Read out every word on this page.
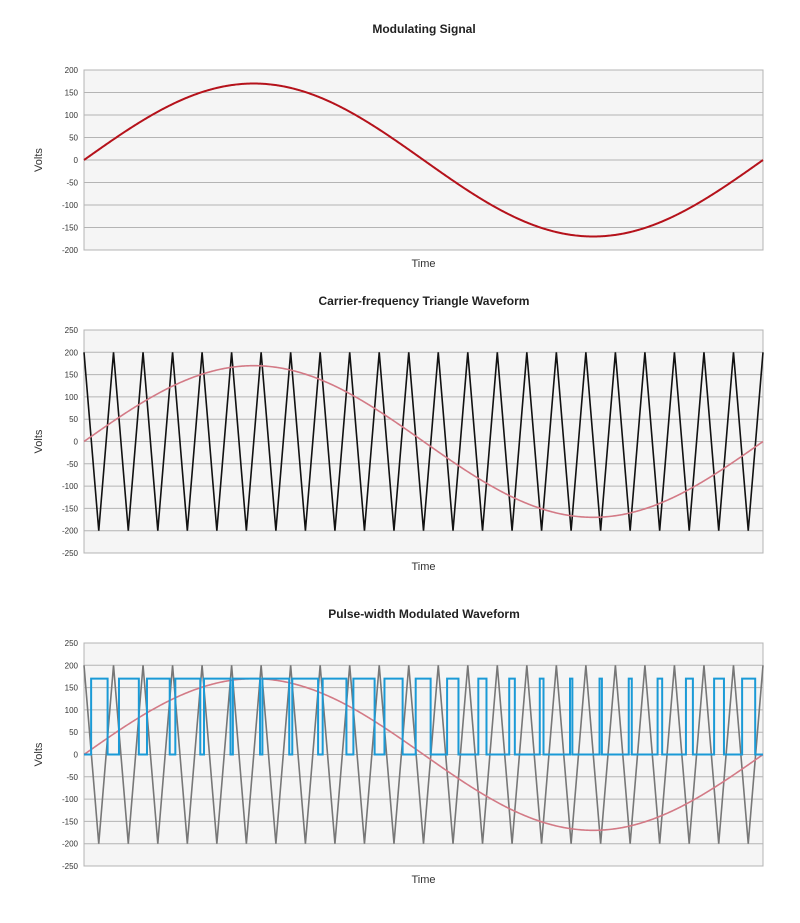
Modulating Signal
200
150
100
50
0
-50
-100
-150
-200
Volts
Time
Carrier-frequency Triangle Waveform
250
200
150
100
50
0
-50
-100
-150
-200
-250
Volts
Time
Pulse-width Modulated Waveform
250
200
150
100
50
0
-50
-100
-150
-200
-250
Volts
Time
